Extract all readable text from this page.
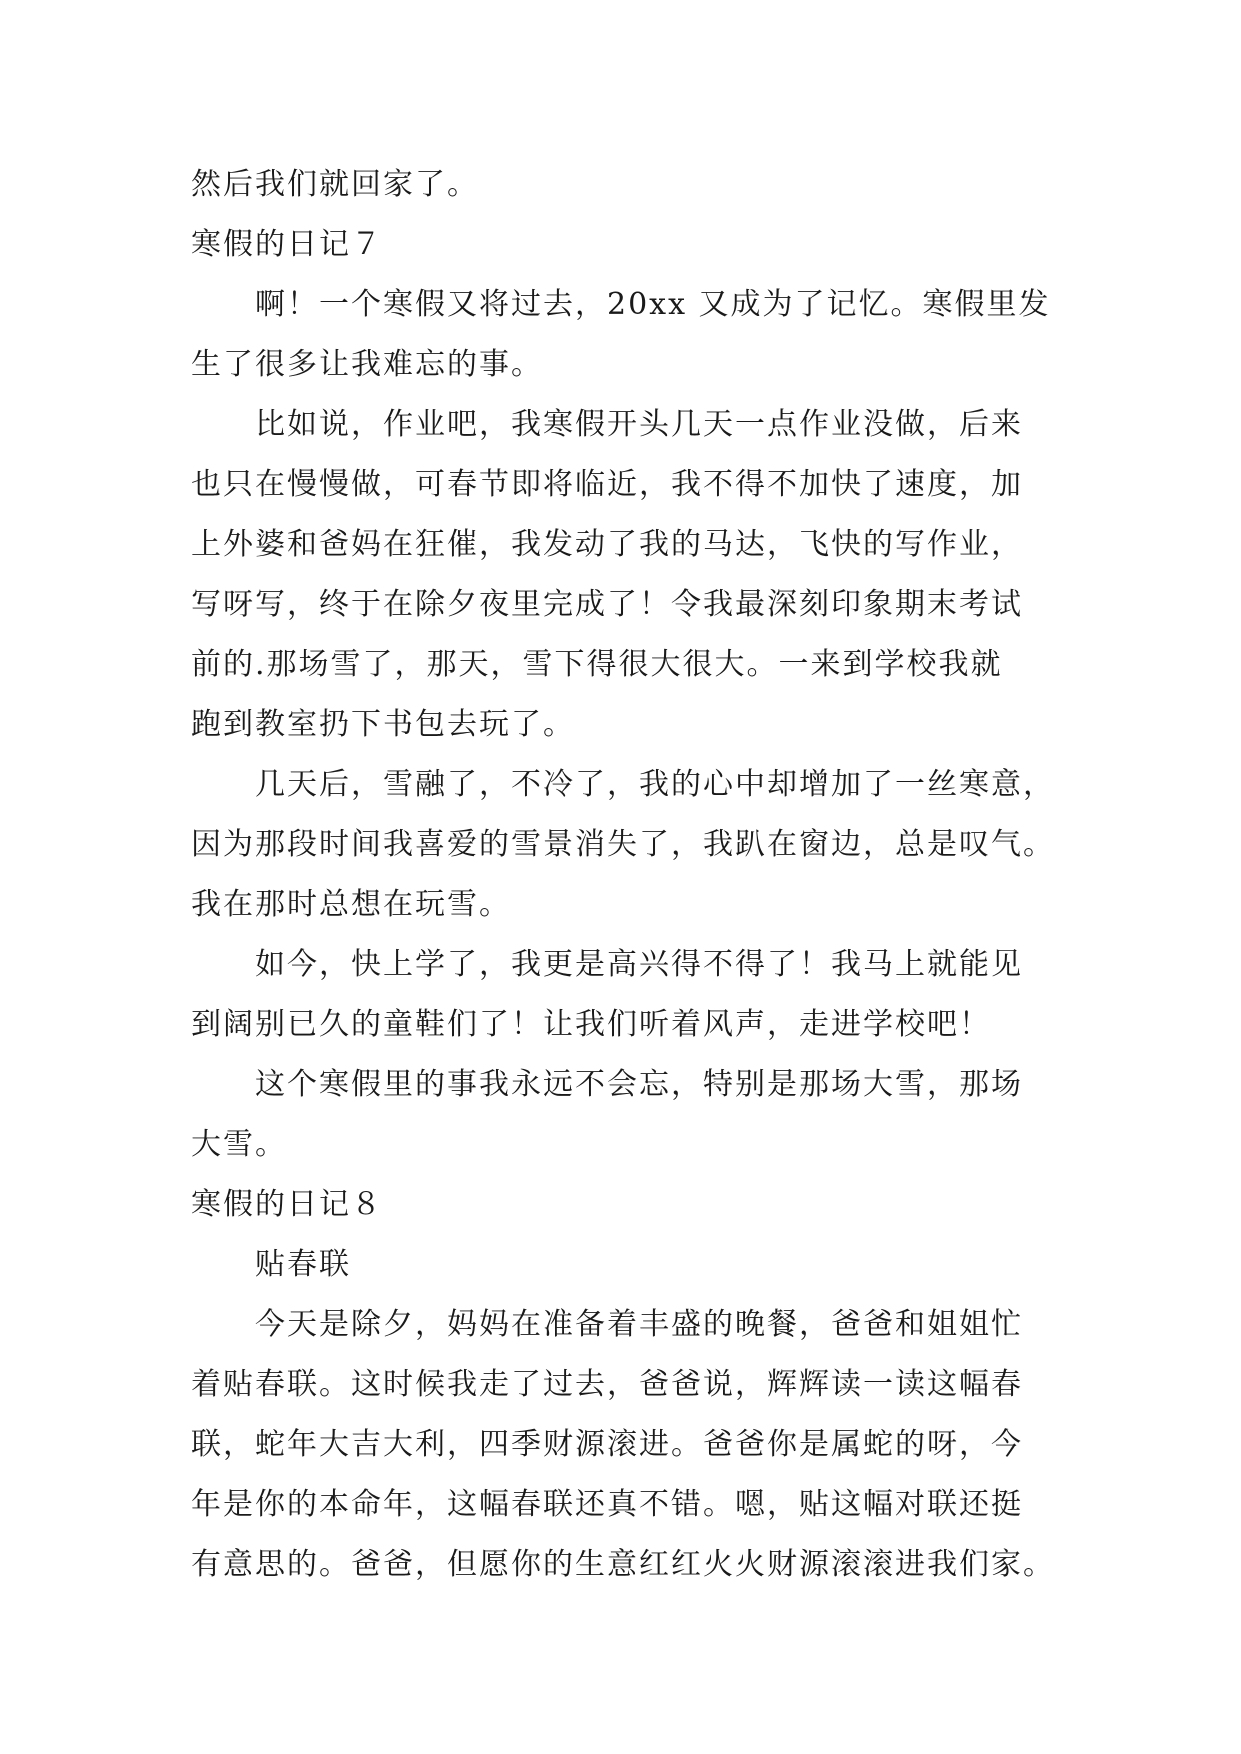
然后我们就回家了。
寒假的日记７
啊！一个寒假又将过去，20xx 又成为了记忆。寒假里发
生了很多让我难忘的事。
比如说，作业吧，我寒假开头几天一点作业没做，后来
也只在慢慢做，可春节即将临近，我不得不加快了速度，加
上外婆和爸妈在狂催，我发动了我的马达，飞快的写作业，
写呀写，终于在除夕夜里完成了！令我最深刻印象期末考试
前的.那场雪了，那天，雪下得很大很大。一来到学校我就
跑到教室扔下书包去玩了。
几天后，雪融了，不冷了，我的心中却增加了一丝寒意，
因为那段时间我喜爱的雪景消失了，我趴在窗边，总是叹气。
我在那时总想在玩雪。
如今，快上学了，我更是高兴得不得了！我马上就能见
到阔别已久的童鞋们了！让我们听着风声，走进学校吧！
这个寒假里的事我永远不会忘，特别是那场大雪，那场
大雪。
寒假的日记８
贴春联
今天是除夕，妈妈在准备着丰盛的晚餐，爸爸和姐姐忙
着贴春联。这时候我走了过去，爸爸说，辉辉读一读这幅春
联，蛇年大吉大利，四季财源滚进。爸爸你是属蛇的呀，今
年是你的本命年，这幅春联还真不错。嗯，贴这幅对联还挺
有意思的。爸爸，但愿你的生意红红火火财源滚滚进我们家。
